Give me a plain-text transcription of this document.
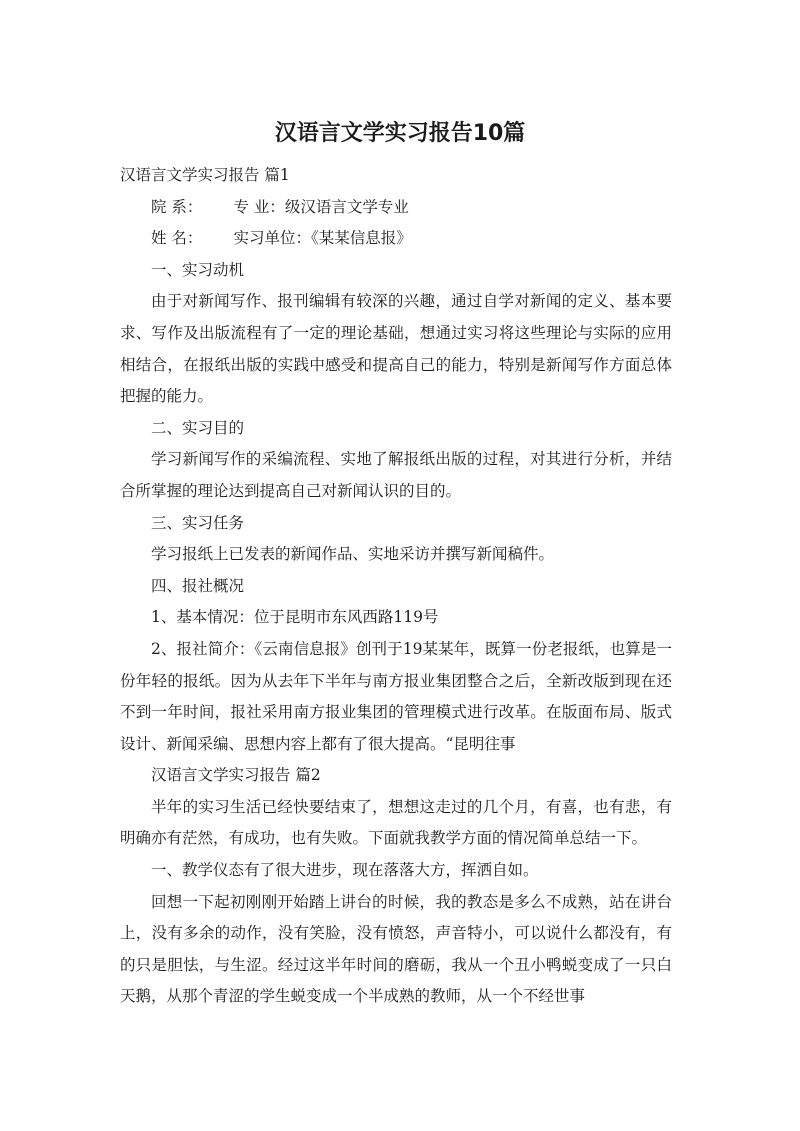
汉语言文学实习报告10篇

汉语言文学实习报告 篇1

院 系： 专 业：级汉语言文学专业

姓 名： 实习单位：《某某信息报》

一、实习动机

由于对新闻写作、报刊编辑有较深的兴趣，通过自学对新闻的定义、基本要求、写作及出版流程有了一定的理论基础，想通过实习将这些理论与实际的应用相结合，在报纸出版的实践中感受和提高自己的能力，特别是新闻写作方面总体把握的能力。

二、实习目的

学习新闻写作的采编流程、实地了解报纸出版的过程，对其进行分析，并结合所掌握的理论达到提高自己对新闻认识的目的。

三、实习任务

学习报纸上已发表的新闻作品、实地采访并撰写新闻稿件。

四、报社概况

1、基本情况：位于昆明市东风西路119号

2、报社简介：《云南信息报》创刊于19某某年，既算一份老报纸，也算是一份年轻的报纸。因为从去年下半年与南方报业集团整合之后，全新改版到现在还不到一年时间，报社采用南方报业集团的管理模式进行改革。在版面布局、版式设计、新闻采编、思想内容上都有了很大提高。“昆明往事

汉语言文学实习报告 篇2

半年的实习生活已经快要结束了，想想这走过的几个月，有喜，也有悲，有明确亦有茫然，有成功，也有失败。下面就我教学方面的情况简单总结一下。

一、教学仪态有了很大进步，现在落落大方，挥洒自如。

回想一下起初刚刚开始踏上讲台的时候，我的教态是多么不成熟，站在讲台上，没有多余的动作，没有笑脸，没有愤怒，声音特小，可以说什么都没有，有的只是胆怯，与生涩。经过这半年时间的磨砺，我从一个丑小鸭蜕变成了一只白天鹅，从那个青涩的学生蜕变成一个半成熟的教师，从一个不经世事
